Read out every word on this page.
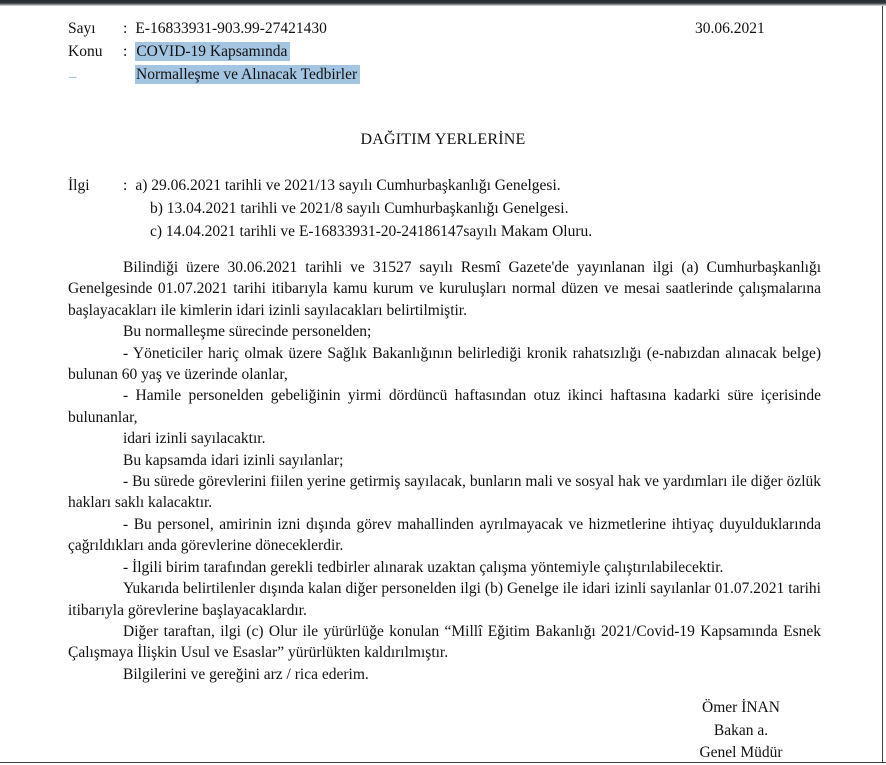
Sayı : E-16833931-903.99-27421430	30.06.2021
Konu : COVID-19 Kapsamında
_	Normalleşme ve Alınacak Tedbirler
DAĞITIM YERLERİNE
İlgi : a) 29.06.2021 tarihli ve 2021/13 sayılı Cumhurbaşkanlığı Genelgesi.
b) 13.04.2021 tarihli ve 2021/8 sayılı Cumhurbaşkanlığı Genelgesi.
c) 14.04.2021 tarihli ve E-16833931-20-24186147sayılı Makam Oluru.

Bilindiği üzere 30.06.2021 tarihli ve 31527 sayılı Resmî Gazete'de yayınlanan ilgi (a) Cumhurbaşkanlığı Genelgesinde 01.07.2021 tarihi itibarıyla kamu kurum ve kuruluşları normal düzen ve mesai saatlerinde çalışmalarına başlayacakları ile kimlerin idari izinli sayılacakları belirtilmiştir.

Bu normalleşme sürecinde personelden;

- Yöneticiler hariç olmak üzere Sağlık Bakanlığının belirlediği kronik rahatsızlığı (e-nabızdan alınacak belge) bulunan 60 yaş ve üzerinde olanlar,

- Hamile personelden gebeliğinin yirmi dördüncü haftasından otuz ikinci haftasına kadarki süre içerisinde bulunanlar,

idari izinli sayılacaktır.

Bu kapsamda idari izinli sayılanlar;

- Bu sürede görevlerini fiilen yerine getirmiş sayılacak, bunların mali ve sosyal hak ve yardımları ile diğer özlük hakları saklı kalacaktır.

- Bu personel, amirinin izni dışında görev mahallinden ayrılmayacak ve hizmetlerine ihtiyaç duyulduklarında çağrıldıkları anda görevlerine döneceklerdir.

- İlgili birim tarafından gerekli tedbirler alınarak uzaktan çalışma yöntemiyle çalıştırılabilecektir.

Yukarıda belirtilenler dışında kalan diğer personelden ilgi (b) Genelge ile idari izinli sayılanlar 01.07.2021 tarihi itibarıyla görevlerine başlayacaklardır.

Diğer taraftan, ilgi (c) Olur ile yürürlüğe konulan “Millî Eğitim Bakanlığı 2021/Covid-19 Kapsamında Esnek Çalışmaya İlişkin Usul ve Esaslar” yürürlükten kaldırılmıştır.

Bilgilerini ve gereğini arz / rica ederim.

Ömer İNAN
Bakan a.
Genel Müdür
